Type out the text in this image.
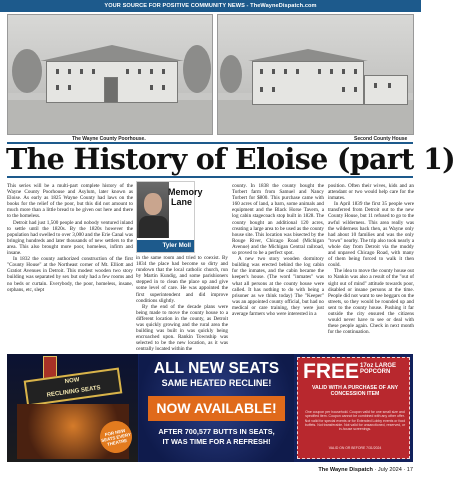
YOUR SOURCE FOR POSITIVE COMMUNITY NEWS - TheWayneDispatch.com
The Wayne County Poorhouse.	Second County House
The History of Eloise (part 1)

This series will be a multi-part complete history of the Wayne County Poorhouse and Asylum, later known as Eloise. As early as 1825 Wayne County had laws on the books for the relief of the poor, but this did not amount to much more than a little bread to be given out here and there to the homeless.

Detroit had just 1,500 people and nobody ventured inland to settle until the 1820s. By the 1820s however the population had swelled to over 3,000 and the Erie Canal was bringing hundreds and later thousands of new settlers to the area. This also brought more poor, homeless, infirm and insane.

In 1832 the county authorized construction of the first "County House" at the Northeast corner of Mt. Elliott and Gratiot Avenues in Detroit. This modest wooden two story building was separated by sex but only had a few rooms and no beds or curtain. Everybody, the poor, homeless, insane, orphans, etc, slept

Memory
Lane
Tyler Moll

in the same room and tried to coexist. By 1834 the place had become so dirty and rundown that the local catholic church, run by Martin Kundig, and some parishioners stepped in to clean the place up and give some level of care. He was appointed the first superintendent and did improve conditions slightly.

By the end of the decade plans were being made to move the county house to a different location in the county, as Detroit was quickly growing and the rural area the building was built in was quickly being encroached upon. Rankin Township was selected to be the new location, as it was centrally located within the

county. In 1838 the county bought the Torbert farm from Samuel and Nancy Torbert for $800. This purchase came with 160 acres of land, a barn, some animals and equipment and the Black Horse Tavern, a log cabin stagecoach stop built in 1828. The county bought an additional 120 acres, creating a large area to be used as the county house site. This location was bisected by the Rouge River, Chicago Road (Michigan Avenue) and the Michigan Central railroad, so proved to be a perfect spot.

A new two story wooden dormitory building was erected behind the log cabin for the inmates, and the cabin became the keeper's house. (The word "inmates" was what all persons at the county house were called. It has nothing to do with being a prisoner as we think today) The "Keeper" was an appointed county official, but had no medical or care training, they were just average farmers who were interested in a

position. Often their wives, kids and an attendant or two would help care for the inmates.

In April 1839 the first 35 people were transferred from Detroit out to the new County House, but 11 refused to go to the awful wilderness. This area really was the wilderness back then, as Wayne only had about 10 families and was the only "town" nearby. The trip also took nearly a whole day from Detroit via the muddy and unpaved Chicago Road, with many of them being forced to walk it then could.

The idea to move the county house out to Nankin was also a result of the "out of sight out of mind" attitude towards poor, disabled or insane persons at the time. People did not want to see beggars on the streets, so they would be rounded up and sent to the county house. Pushing it far outside the city ensured the citizens would never have to see or deal with these people again. Check in next month for the continuation.

NOW
RECLINING SEATS
FOR NEW SEATS EVERY THEATRE
ALL NEW SEATS
SAME HEATED RECLINE!
NOW AVAILABLE!
AFTER 700,577 BUTTS IN SEATS,
IT WAS TIME FOR A REFRESH!
FREE 17oz LARGE POPCORN
VALID WITH A PURCHASE OF ANY CONCESSION ITEM
One coupon per household. Coupon valid for one small size and specified item. Coupon cannot be combined with any other offer. Not valid for special events or for Extended Lobby events or food buffets. Not transferable. Not valid for unsanctioned, reserved, or in-house screenings.
VALID ON OR BEFORE 7/31/2024
The Wayne Dispatch · July 2024 · 17
